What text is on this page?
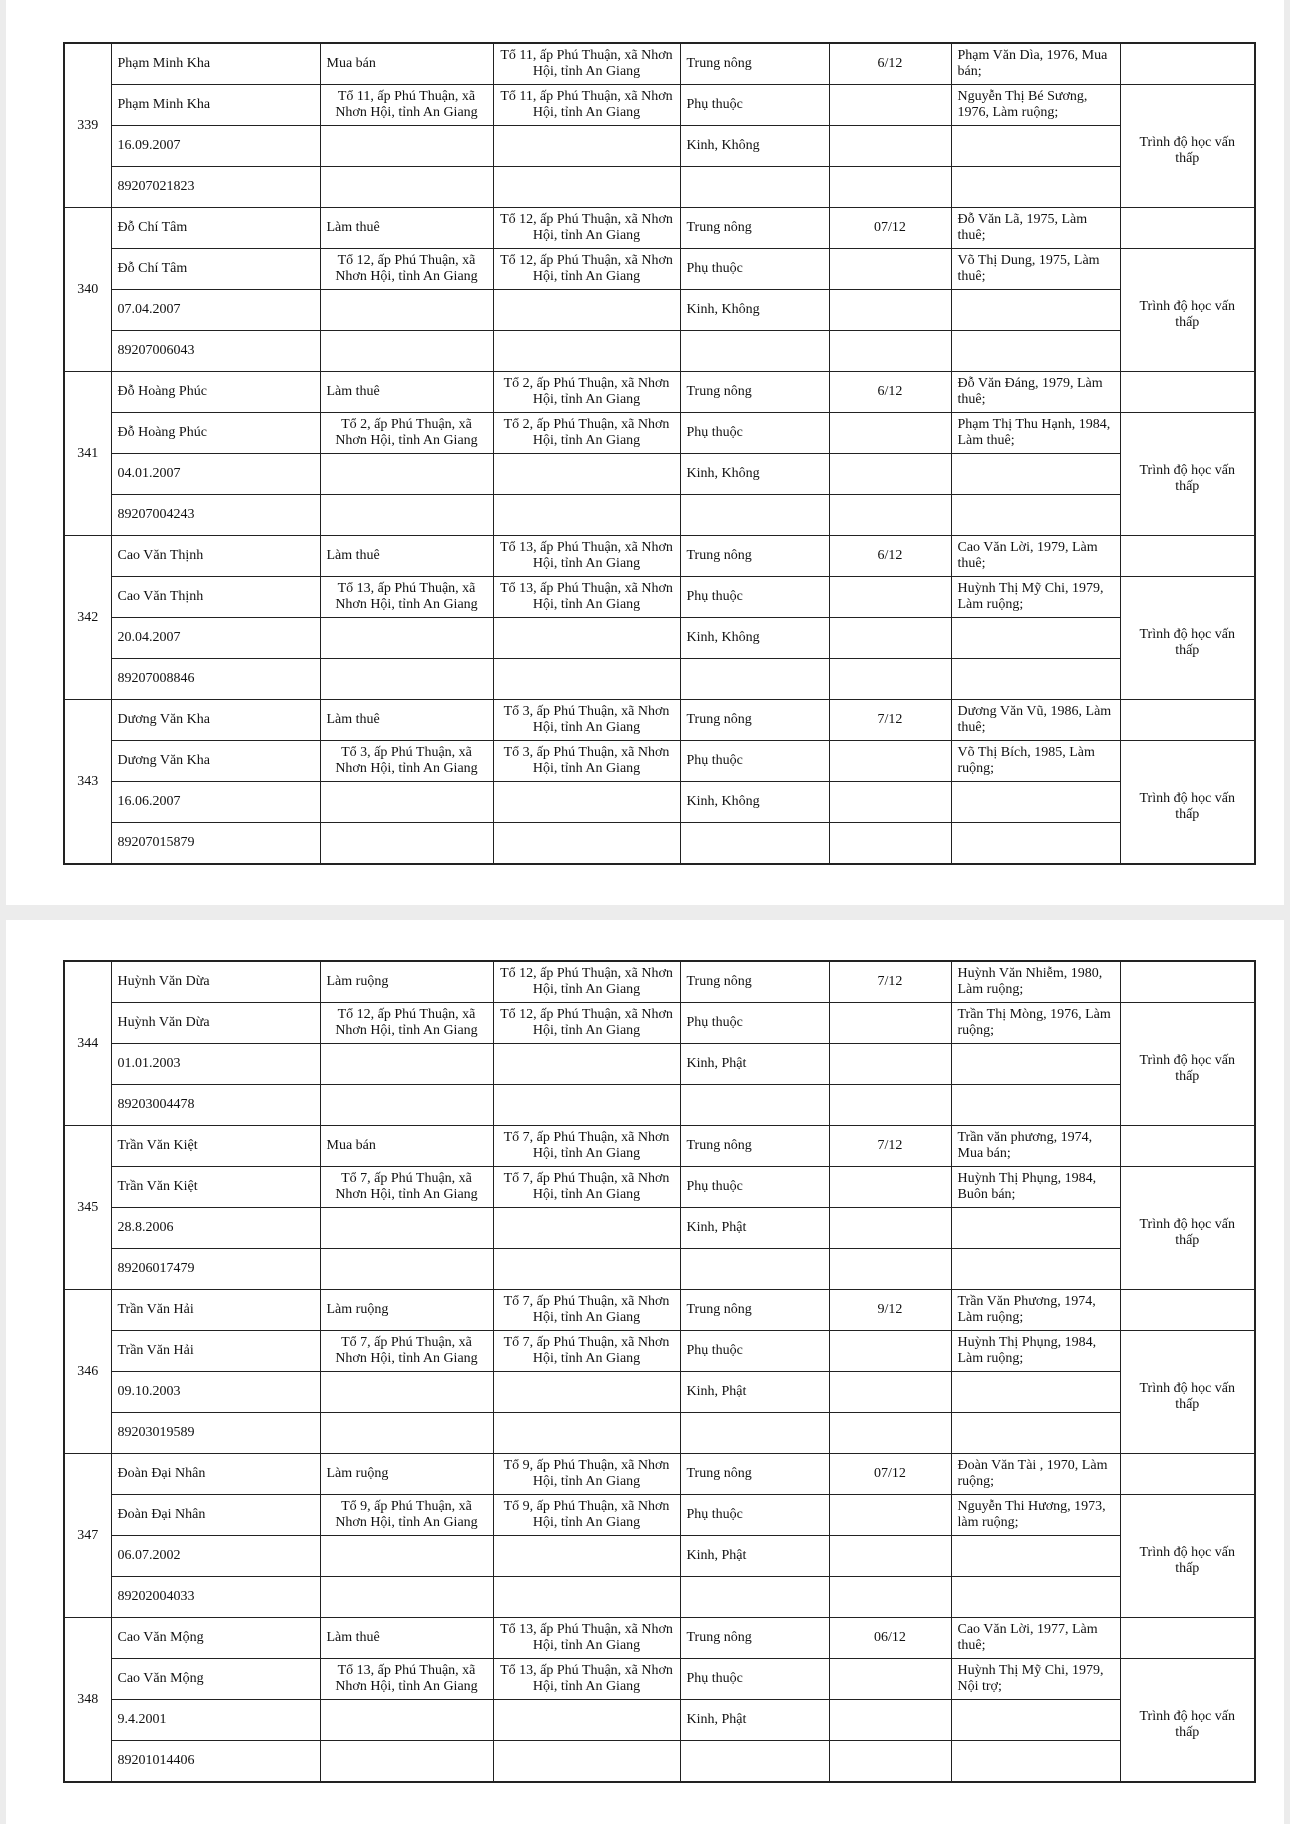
339	Phạm Minh Kha	Mua bán	Tổ 11, ấp Phú Thuận, xã Nhơn Hội, tỉnh An Giang	Trung nông	6/12	Phạm Văn Dìa, 1976, Mua bán;	
	Phạm Minh Kha	Tổ 11, ấp Phú Thuận, xã Nhơn Hội, tỉnh An Giang	Tổ 11, ấp Phú Thuận, xã Nhơn Hội, tỉnh An Giang	Phụ thuộc		Nguyễn Thị Bé Sương, 1976, Làm ruộng;	Trình độ học vấn thấp

	16.09.2007			Kinh, Không			
	89207021823						
340	Đỗ Chí Tâm	Làm thuê	Tổ 12, ấp Phú Thuận, xã Nhơn Hội, tỉnh An Giang	Trung nông	07/12	Đỗ Văn Lã, 1975, Làm thuê;	
	Đỗ Chí Tâm	Tổ 12, ấp Phú Thuận, xã Nhơn Hội, tỉnh An Giang	Tổ 12, ấp Phú Thuận, xã Nhơn Hội, tỉnh An Giang	Phụ thuộc		Võ Thị Dung, 1975, Làm thuê;	Trình độ học vấn thấp

	07.04.2007			Kinh, Không			
	89207006043						
341	Đỗ Hoàng Phúc	Làm thuê	Tổ 2, ấp Phú Thuận, xã Nhơn Hội, tỉnh An Giang	Trung nông	6/12	Đỗ Văn Đáng, 1979, Làm thuê;	
	Đỗ Hoàng Phúc	Tổ 2, ấp Phú Thuận, xã Nhơn Hội, tỉnh An Giang	Tổ 2, ấp Phú Thuận, xã Nhơn Hội, tỉnh An Giang	Phụ thuộc		Phạm Thị Thu Hạnh, 1984, Làm thuê;	Trình độ học vấn thấp

	04.01.2007			Kinh, Không			
	89207004243						
342	Cao Văn Thịnh	Làm thuê	Tổ 13, ấp Phú Thuận, xã Nhơn Hội, tỉnh An Giang	Trung nông	6/12	Cao Văn Lời, 1979, Làm thuê;	
	Cao Văn Thịnh	Tổ 13, ấp Phú Thuận, xã Nhơn Hội, tỉnh An Giang	Tổ 13, ấp Phú Thuận, xã Nhơn Hội, tỉnh An Giang	Phụ thuộc		Huỳnh Thị Mỹ Chi, 1979, Làm ruộng;	Trình độ học vấn thấp

	20.04.2007			Kinh, Không			
	89207008846						
343	Dương Văn Kha	Làm thuê	Tổ 3, ấp Phú Thuận, xã Nhơn Hội, tỉnh An Giang	Trung nông	7/12	Dương Văn Vũ, 1986, Làm thuê;	
	Dương Văn Kha	Tổ 3, ấp Phú Thuận, xã Nhơn Hội, tỉnh An Giang	Tổ 3, ấp Phú Thuận, xã Nhơn Hội, tỉnh An Giang	Phụ thuộc		Võ Thị Bích, 1985, Làm ruộng;	Trình độ học vấn thấp

	16.06.2007			Kinh, Không			
	89207015879						
344	Huỳnh Văn Dừa	Làm ruộng	Tổ 12, ấp Phú Thuận, xã Nhơn Hội, tỉnh An Giang	Trung nông	7/12	Huỳnh Văn Nhiễm, 1980, Làm ruộng;	
	Huỳnh Văn Dừa	Tổ 12, ấp Phú Thuận, xã Nhơn Hội, tỉnh An Giang	Tổ 12, ấp Phú Thuận, xã Nhơn Hội, tỉnh An Giang	Phụ thuộc		Trần Thị Mòng, 1976, Làm ruộng;	Trình độ học vấn thấp

	01.01.2003			Kinh, Phật			
	89203004478						
345	Trần Văn Kiệt	Mua bán	Tổ 7, ấp Phú Thuận, xã Nhơn Hội, tỉnh An Giang	Trung nông	7/12	Trần văn phương, 1974, Mua bán;	
	Trần Văn Kiệt	Tổ 7, ấp Phú Thuận, xã Nhơn Hội, tỉnh An Giang	Tổ 7, ấp Phú Thuận, xã Nhơn Hội, tỉnh An Giang	Phụ thuộc		Huỳnh Thị Phụng, 1984, Buôn bán;	Trình độ học vấn thấp

	28.8.2006			Kinh, Phật			
	89206017479						
346	Trần Văn Hải	Làm ruộng	Tổ 7, ấp Phú Thuận, xã Nhơn Hội, tỉnh An Giang	Trung nông	9/12	Trần Văn Phương, 1974, Làm ruộng;	
	Trần Văn Hải	Tổ 7, ấp Phú Thuận, xã Nhơn Hội, tỉnh An Giang	Tổ 7, ấp Phú Thuận, xã Nhơn Hội, tỉnh An Giang	Phụ thuộc		Huỳnh Thị Phụng, 1984, Làm ruộng;	Trình độ học vấn thấp

	09.10.2003			Kinh, Phật			
	89203019589						
347	Đoàn Đại Nhân	Làm ruộng	Tổ 9, ấp Phú Thuận, xã Nhơn Hội, tỉnh An Giang	Trung nông	07/12	Đoàn Văn Tài , 1970, Làm ruộng;	
	Đoàn Đại Nhân	Tổ 9, ấp Phú Thuận, xã Nhơn Hội, tỉnh An Giang	Tổ 9, ấp Phú Thuận, xã Nhơn Hội, tỉnh An Giang	Phụ thuộc		Nguyễn Thi Hương, 1973, làm ruộng;	Trình độ học vấn thấp

	06.07.2002			Kinh, Phật			
	89202004033						
348	Cao Văn Mộng	Làm thuê	Tổ 13, ấp Phú Thuận, xã Nhơn Hội, tỉnh An Giang	Trung nông	06/12	Cao Văn Lời, 1977, Làm thuê;	
	Cao Văn Mộng	Tổ 13, ấp Phú Thuận, xã Nhơn Hội, tỉnh An Giang	Tổ 13, ấp Phú Thuận, xã Nhơn Hội, tỉnh An Giang	Phụ thuộc		Huỳnh Thị Mỹ Chi, 1979, Nội trợ;	Trình độ học vấn thấp

	9.4.2001			Kinh, Phật			
	89201014406						
